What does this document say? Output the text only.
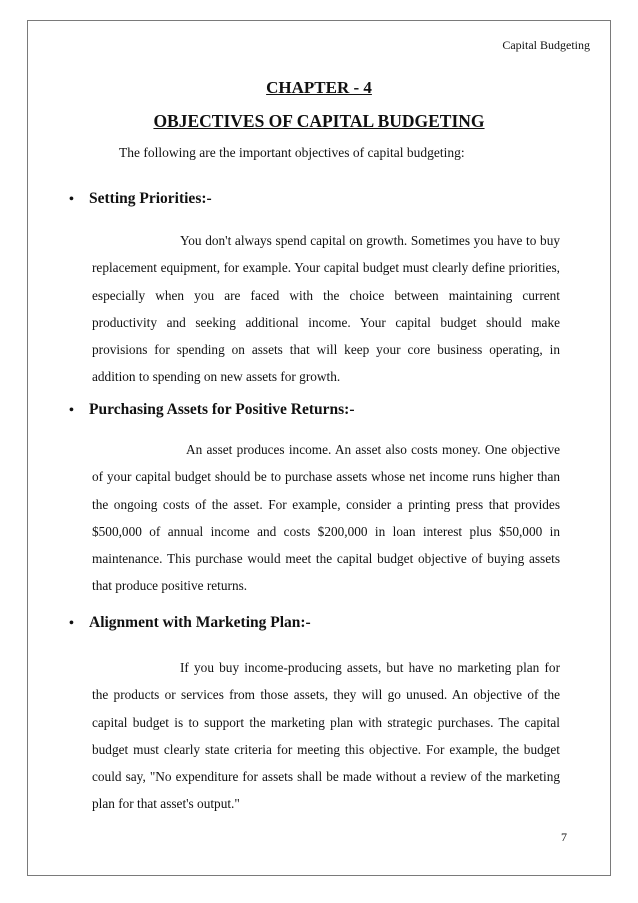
Capital Budgeting
CHAPTER - 4
OBJECTIVES OF CAPITAL BUDGETING
The following are the important objectives of capital budgeting:
• Setting Priorities:-
You don't always spend capital on growth. Sometimes you have to buy replacement equipment, for example. Your capital budget must clearly define priorities, especially when you are faced with the choice between maintaining current productivity and seeking additional income. Your capital budget should make provisions for spending on assets that will keep your core business operating, in addition to spending on new assets for growth.
• Purchasing Assets for Positive Returns:-
An asset produces income. An asset also costs money. One objective of your capital budget should be to purchase assets whose net income runs higher than the ongoing costs of the asset. For example, consider a printing press that provides $500,000 of annual income and costs $200,000 in loan interest plus $50,000 in maintenance. This purchase would meet the capital budget objective of buying assets that produce positive returns.
• Alignment with Marketing Plan:-
If you buy income-producing assets, but have no marketing plan for the products or services from those assets, they will go unused. An objective of the capital budget is to support the marketing plan with strategic purchases. The capital budget must clearly state criteria for meeting this objective. For example, the budget could say, "No expenditure for assets shall be made without a review of the marketing plan for that asset's output."
7
